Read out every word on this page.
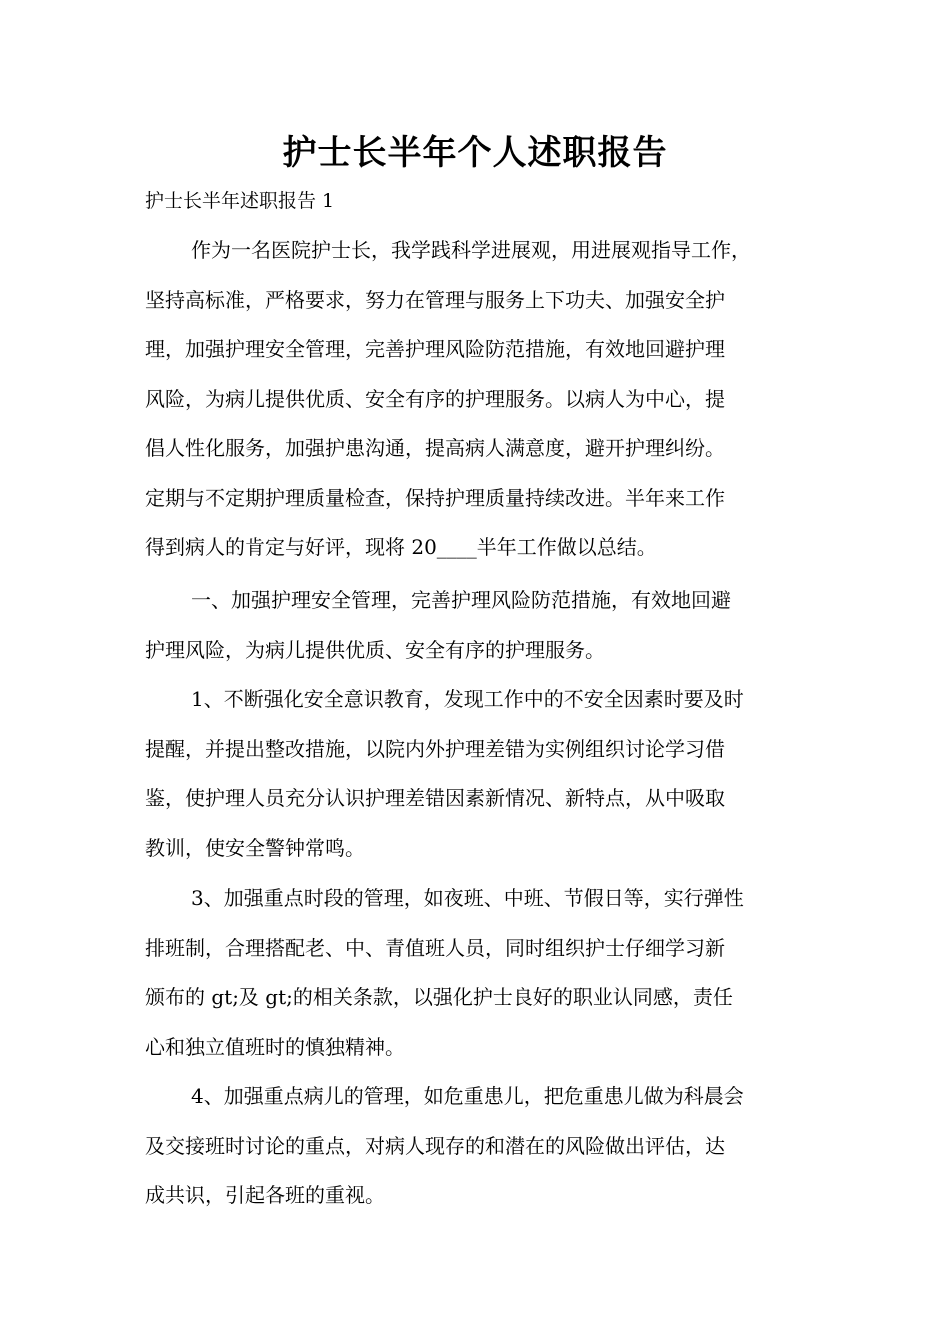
护士长半年个人述职报告
护士长半年述职报告 1
作为一名医院护士长，我学践科学进展观，用进展观指导工作，
坚持高标准，严格要求，努力在管理与服务上下功夫、加强安全护
理，加强护理安全管理，完善护理风险防范措施，有效地回避护理
风险，为病儿提供优质、安全有序的护理服务。以病人为中心，提
倡人性化服务，加强护患沟通，提高病人满意度，避开护理纠纷。
定期与不定期护理质量检查，保持护理质量持续改进。半年来工作
得到病人的肯定与好评，现将 20____半年工作做以总结。
一、加强护理安全管理，完善护理风险防范措施，有效地回避
护理风险，为病儿提供优质、安全有序的护理服务。
1、不断强化安全意识教育，发现工作中的不安全因素时要及时
提醒，并提出整改措施，以院内外护理差错为实例组织讨论学习借
鉴，使护理人员充分认识护理差错因素新情况、新特点，从中吸取
教训，使安全警钟常鸣。
3、加强重点时段的管理，如夜班、中班、节假日等，实行弹性
排班制，合理搭配老、中、青值班人员，同时组织护士仔细学习新
颁布的 gt;及 gt;的相关条款，以强化护士良好的职业认同感，责任
心和独立值班时的慎独精神。
4、加强重点病儿的管理，如危重患儿，把危重患儿做为科晨会
及交接班时讨论的重点，对病人现存的和潜在的风险做出评估，达
成共识，引起各班的重视。
